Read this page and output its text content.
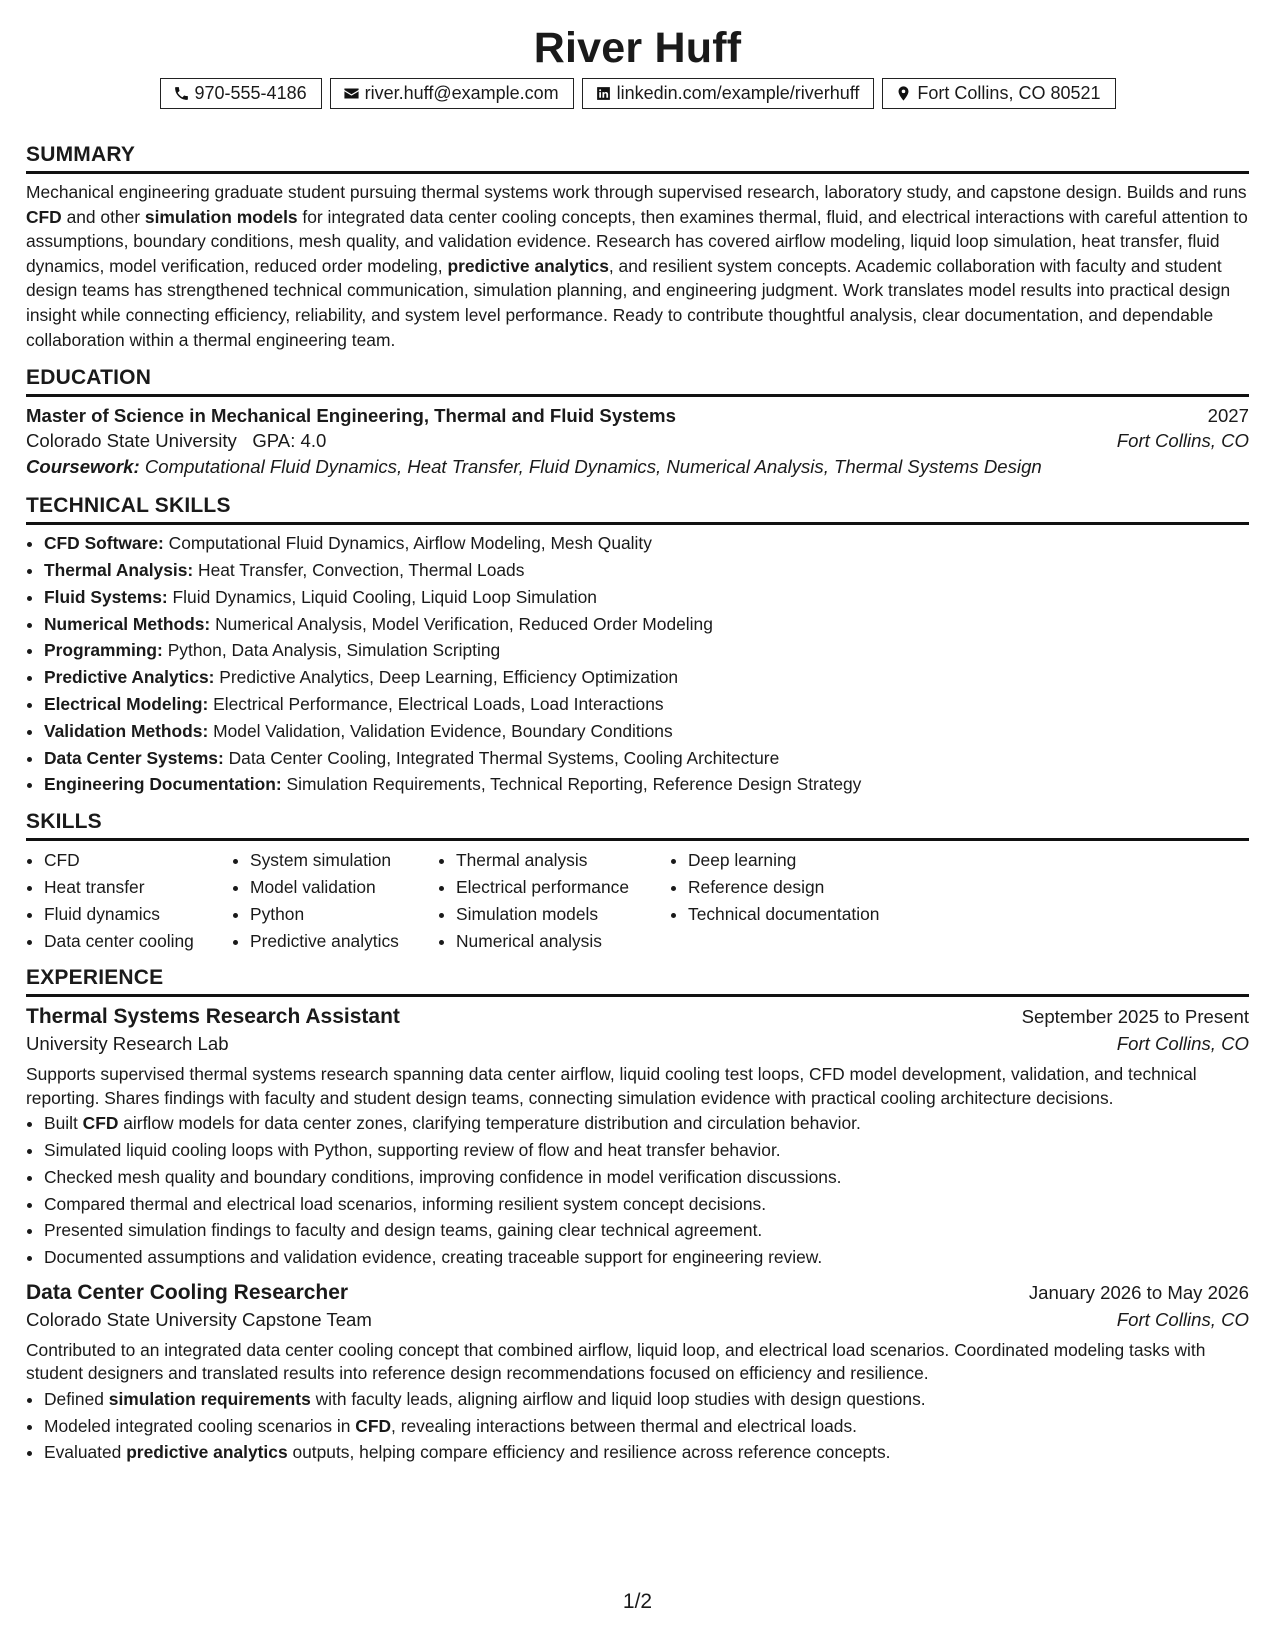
River Huff
970-555-4186	river.huff@example.com	linkedin.com/example/riverhuff	Fort Collins, CO 80521
SUMMARY
Mechanical engineering graduate student pursuing thermal systems work through supervised research, laboratory study, and capstone design. Builds and runs CFD and other simulation models for integrated data center cooling concepts, then examines thermal, fluid, and electrical interactions with careful attention to assumptions, boundary conditions, mesh quality, and validation evidence. Research has covered airflow modeling, liquid loop simulation, heat transfer, fluid dynamics, model verification, reduced order modeling, predictive analytics, and resilient system concepts. Academic collaboration with faculty and student design teams has strengthened technical communication, simulation planning, and engineering judgment. Work translates model results into practical design insight while connecting efficiency, reliability, and system level performance. Ready to contribute thoughtful analysis, clear documentation, and dependable collaboration within a thermal engineering team.
EDUCATION
Master of Science in Mechanical Engineering, Thermal and Fluid Systems	2027
Colorado State University GPA: 4.0	Fort Collins, CO
Coursework: Computational Fluid Dynamics, Heat Transfer, Fluid Dynamics, Numerical Analysis, Thermal Systems Design
TECHNICAL SKILLS
• CFD Software: Computational Fluid Dynamics, Airflow Modeling, Mesh Quality
• Thermal Analysis: Heat Transfer, Convection, Thermal Loads
• Fluid Systems: Fluid Dynamics, Liquid Cooling, Liquid Loop Simulation
• Numerical Methods: Numerical Analysis, Model Verification, Reduced Order Modeling
• Programming: Python, Data Analysis, Simulation Scripting
• Predictive Analytics: Predictive Analytics, Deep Learning, Efficiency Optimization
• Electrical Modeling: Electrical Performance, Electrical Loads, Load Interactions
• Validation Methods: Model Validation, Validation Evidence, Boundary Conditions
• Data Center Systems: Data Center Cooling, Integrated Thermal Systems, Cooling Architecture
• Engineering Documentation: Simulation Requirements, Technical Reporting, Reference Design Strategy
SKILLS
• CFD
• Heat transfer
• Fluid dynamics
• Data center cooling
• System simulation
• Model validation
• Python
• Predictive analytics
• Thermal analysis
• Electrical performance
• Simulation models
• Numerical analysis
• Deep learning
• Reference design
• Technical documentation
EXPERIENCE
Thermal Systems Research Assistant	September 2025 to Present
University Research Lab	Fort Collins, CO
Supports supervised thermal systems research spanning data center airflow, liquid cooling test loops, CFD model development, validation, and technical reporting. Shares findings with faculty and student design teams, connecting simulation evidence with practical cooling architecture decisions.
• Built CFD airflow models for data center zones, clarifying temperature distribution and circulation behavior.
• Simulated liquid cooling loops with Python, supporting review of flow and heat transfer behavior.
• Checked mesh quality and boundary conditions, improving confidence in model verification discussions.
• Compared thermal and electrical load scenarios, informing resilient system concept decisions.
• Presented simulation findings to faculty and design teams, gaining clear technical agreement.
• Documented assumptions and validation evidence, creating traceable support for engineering review.
Data Center Cooling Researcher	January 2026 to May 2026
Colorado State University Capstone Team	Fort Collins, CO
Contributed to an integrated data center cooling concept that combined airflow, liquid loop, and electrical load scenarios. Coordinated modeling tasks with student designers and translated results into reference design recommendations focused on efficiency and resilience.
• Defined simulation requirements with faculty leads, aligning airflow and liquid loop studies with design questions.
• Modeled integrated cooling scenarios in CFD, revealing interactions between thermal and electrical loads.
• Evaluated predictive analytics outputs, helping compare efficiency and resilience across reference concepts.
1/2
